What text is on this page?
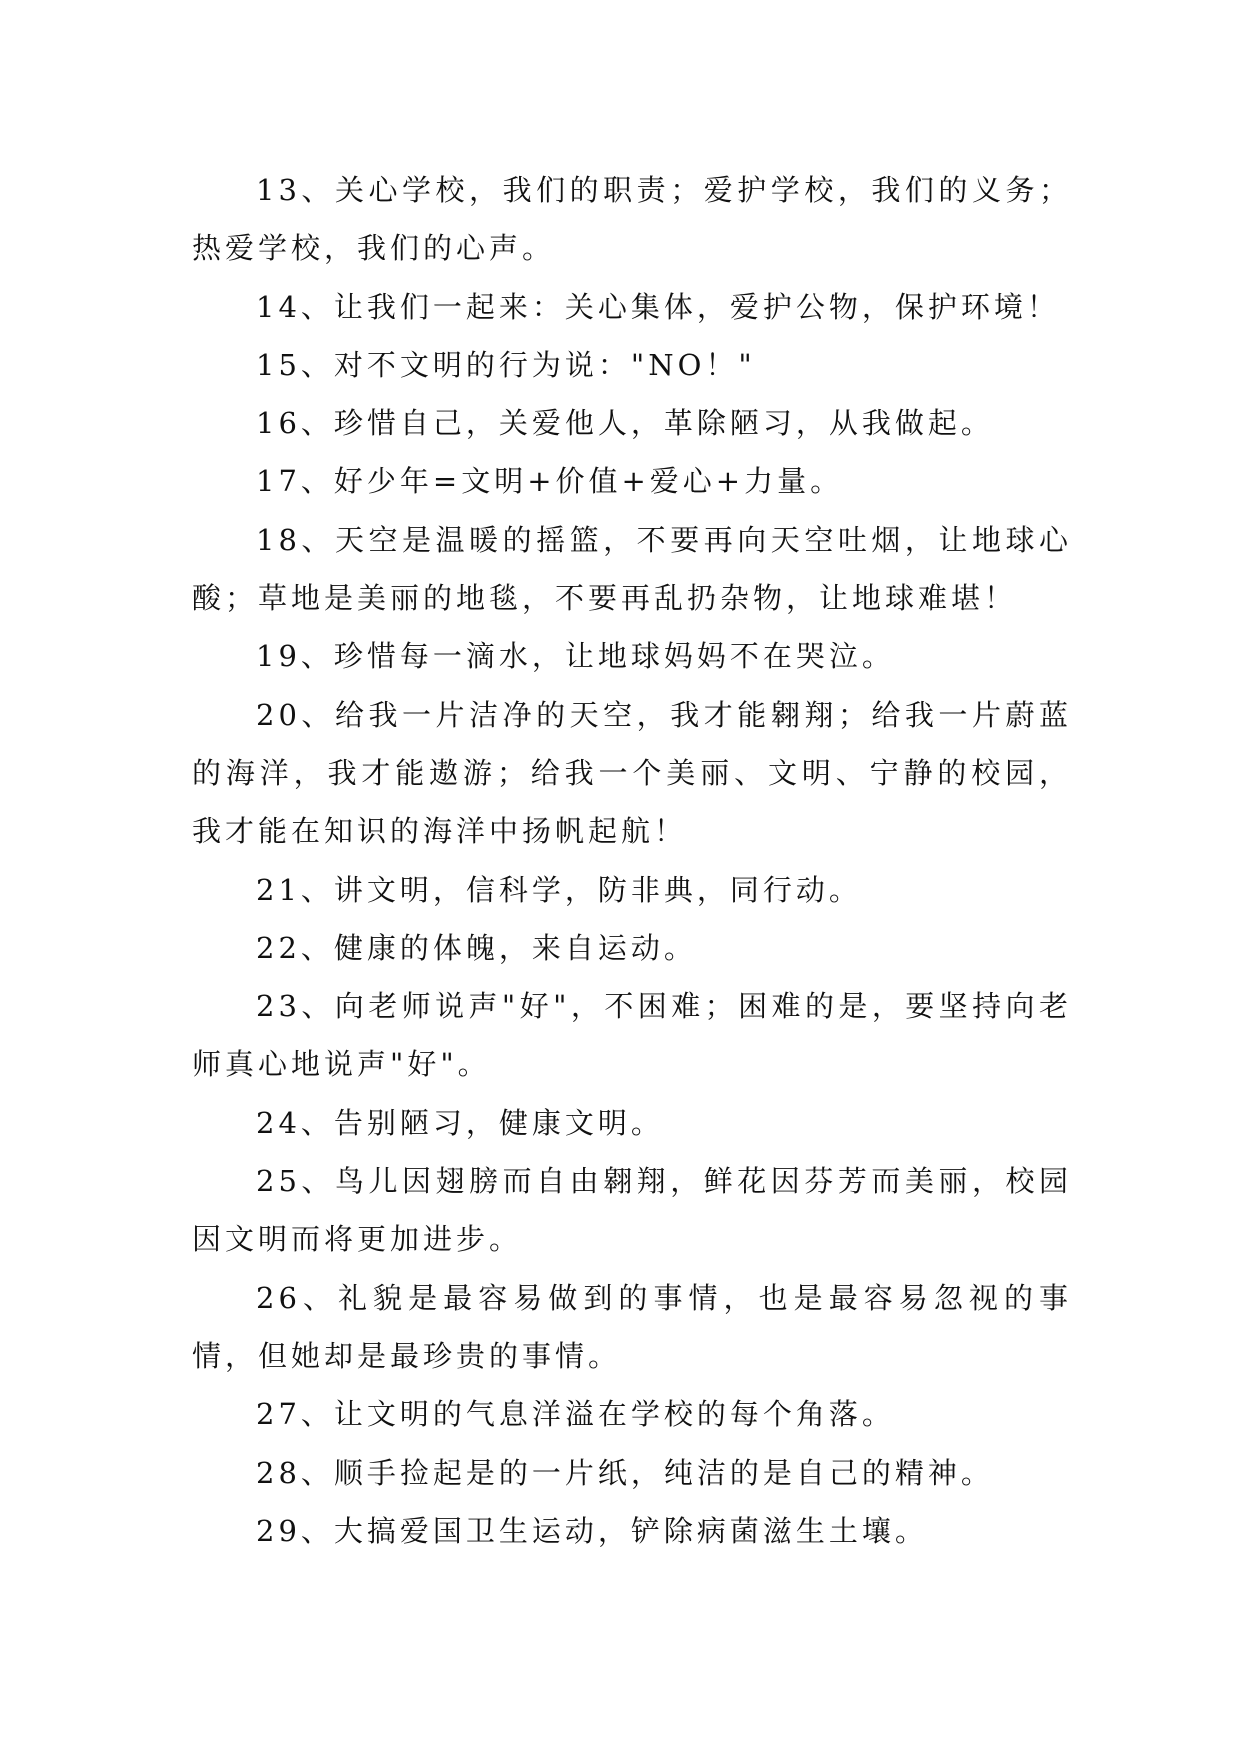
13、关心学校，我们的职责；爱护学校，我们的义务；热爱学校，我们的心声。

14、让我们一起来：关心集体，爱护公物，保护环境！

15、对不文明的行为说："NO！"

16、珍惜自己，关爱他人，革除陋习，从我做起。

17、好少年=文明+价值+爱心+力量。

18、天空是温暖的摇篮，不要再向天空吐烟，让地球心酸；草地是美丽的地毯，不要再乱扔杂物，让地球难堪！

19、珍惜每一滴水，让地球妈妈不在哭泣。

20、给我一片洁净的天空，我才能翱翔；给我一片蔚蓝的海洋，我才能遨游；给我一个美丽、文明、宁静的校园，我才能在知识的海洋中扬帆起航！

21、讲文明，信科学，防非典，同行动。

22、健康的体魄，来自运动。

23、向老师说声"好"，不困难；困难的是，要坚持向老师真心地说声"好"。

24、告别陋习，健康文明。

25、鸟儿因翅膀而自由翱翔，鲜花因芬芳而美丽，校园因文明而将更加进步。

26、礼貌是最容易做到的事情，也是最容易忽视的事情，但她却是最珍贵的事情。

27、让文明的气息洋溢在学校的每个角落。

28、顺手捡起是的一片纸，纯洁的是自己的精神。

29、大搞爱国卫生运动，铲除病菌滋生土壤。
